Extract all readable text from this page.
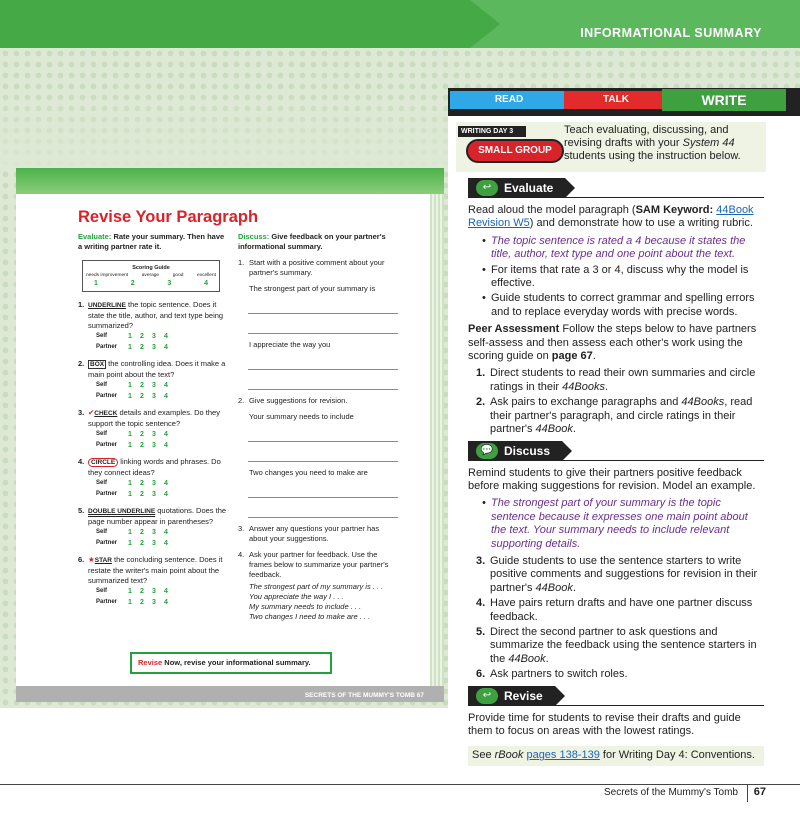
INFORMATIONAL SUMMARY
Revise Your Paragraph
Evaluate: Rate your summary. Then have a writing partner rate it.
Scoring Guide
needs improvement	average	good	excellent
1	2	3	4
1. UNDERLINE the topic sentence. Does it state the title, author, and text type being summarized?
Self	1	2	3	4
Partner	1	2	3	4
2. BOX the controlling idea. Does it make a main point about the text?
Self	1	2	3	4
Partner	1	2	3	4
3. ✔CHECK details and examples. Do they support the topic sentence?
Self	1	2	3	4
Partner	1	2	3	4
4.	CIRCLE linking words and phrases. Do they connect ideas?
Self	1	2	3	4
Partner	1	2	3	4
5. DOUBLE UNDERLINE quotations. Does the page number appear in parentheses?
Self	1	2	3	4
Partner	1	2	3	4
6. ★STAR the concluding sentence. Does it restate the writer's main point about the summarized text?
Self	1	2	3	4
Partner	1	2	3	4
Discuss: Give feedback on your partner's informational summary.
1. Start with a positive comment about your partner's summary.
The strongest part of your summary is
I appreciate the way you
2. Give suggestions for revision.
Your summary needs to include
Two changes you need to make are
3. Answer any questions your partner has about your suggestions.
4. Ask your partner for feedback. Use the frames below to summarize your partner's feedback.
The strongest part of my summary is . . .
You appreciate the way I . . .
My summary needs to include . . .
Two changes I need to make are . . .
Revise Now, revise your informational summary.
SECRETS OF THE MUMMY'S TOMB 67
READ	TALK	WRITE
WRITING DAY 3
SMALL GROUP
Teach evaluating, discussing, and revising drafts with your System 44 students using the instruction below.
Evaluate
↩
Read aloud the model paragraph (SAM Keyword: 44Book Revision W5) and demonstrate how to use a writing rubric.
• The topic sentence is rated a 4 because it states the title, author, text type and one point about the text.
• For items that rate a 3 or 4, discuss why the model is effective.
• Guide students to correct grammar and spelling errors and to replace everyday words with precise words.
Peer Assessment Follow the steps below to have partners self-assess and then assess each other's work using the scoring guide on page 67.
1. Direct students to read their own summaries and circle ratings in their 44Books.
2. Ask pairs to exchange paragraphs and 44Books, read their partner's paragraph, and circle ratings in their partner's 44Book.
Discuss
💬
Remind students to give their partners positive feedback before making suggestions for revision. Model an example.
• The strongest part of your summary is the topic sentence because it expresses one main point about the text. Your summary needs to include relevant supporting details.
3. Guide students to use the sentence starters to write positive comments and suggestions for revision in their partner's 44Book.
4. Have pairs return drafts and have one partner discuss feedback.
5. Direct the second partner to ask questions and summarize the feedback using the sentence starters in the 44Book.
6. Ask partners to switch roles.
Revise
↩
Provide time for students to revise their drafts and guide them to focus on areas with the lowest ratings.
See rBook pages 138-139 for Writing Day 4: Conventions.
Secrets of the Mummy's Tomb 67
